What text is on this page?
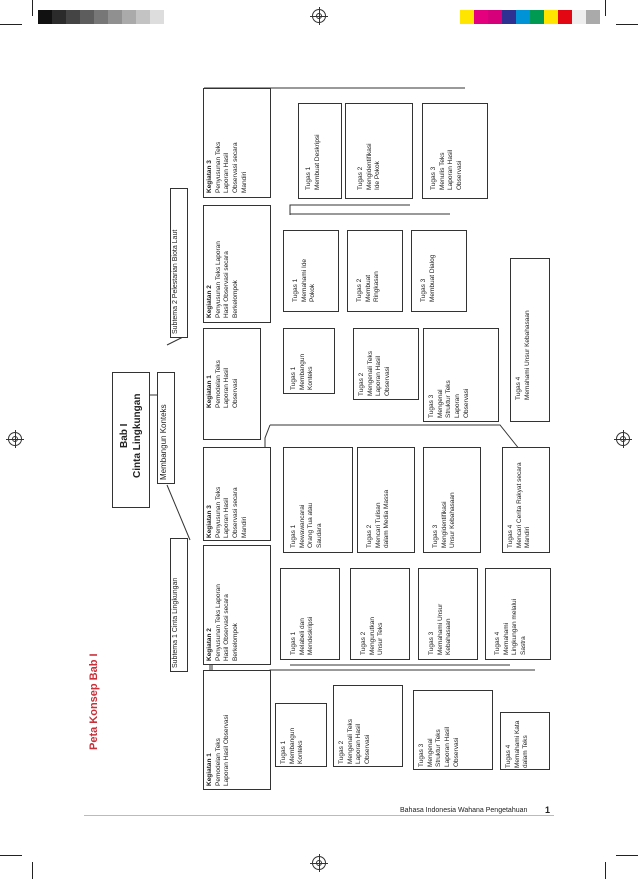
Peta Konsep Bab I
Bab I Cinta Lingkungan Membangun Konteks
Subtema 1 Cinta Lingkungan
Subtema 2 Pelestarian Biota Laut
Kegiatan 1 Pemodelan Teks Laporan Hasil Observasi
Kegiatan 2 Penyusunan Teks Laporan Hasil Observasi secara Berkelompok
Kegiatan 3 Penyusunan Teks Laporan Hasil Observasi secara Mandiri
Tugas 1 Membangun Konteks	Tugas 2 Mengenali Teks Laporan Hasil Observasi	Tugas 3 Mengenal Struktur Teks Laporan Hasil Observasi	Tugas 4 Memahami Kata dalam Teks
Tugas 1 Melabeli dan Mendeskripsi	Tugas 2 Mengurutkan Unsur Teks	Tugas 3 Memahami Unsur Kebahasaan	Tugas 4 Memahami Lingkungan melalui Sastra
Tugas 1 Mewawancarai Orang Tua atau Saudara	Tugas 2 Mencari Tulisan dalam Media Massa	Tugas 3 Mengidentifikasi Unsur Kebahasaan	Tugas 4 Mencari Cerita Rakyat secara Mandiri
Kegiatan 1 Pemodelan Teks Laporan Hasil Observasi
Kegiatan 2 Penyusunan Teks Laporan Hasil Observasi secara Berkelompok
Kegiatan 3 Penyusunan Teks Laporan Hasil Observasi secara Mandiri
Tugas 1 Membangun Konteks	Tugas 2 Mengenali Teks Laporan Hasil Observasi
Tugas 3 Mengenal Struktur Teks Laporan Observasi
Tugas 4 Memahami Unsur Kebahasaan
Tugas 1 Memahami Ide Pokok	Tugas 2 Membuat Ringkasan	Tugas 3 Membuat Dialog
Tugas 1 Membuat Deskripsi	Tugas 2 Mengidentifikasi Ide Pokok	Tugas 3 Menulis Teks Laporan Hasil Observasi
Bahasa Indonesia Wahana Pengetahuan 1
